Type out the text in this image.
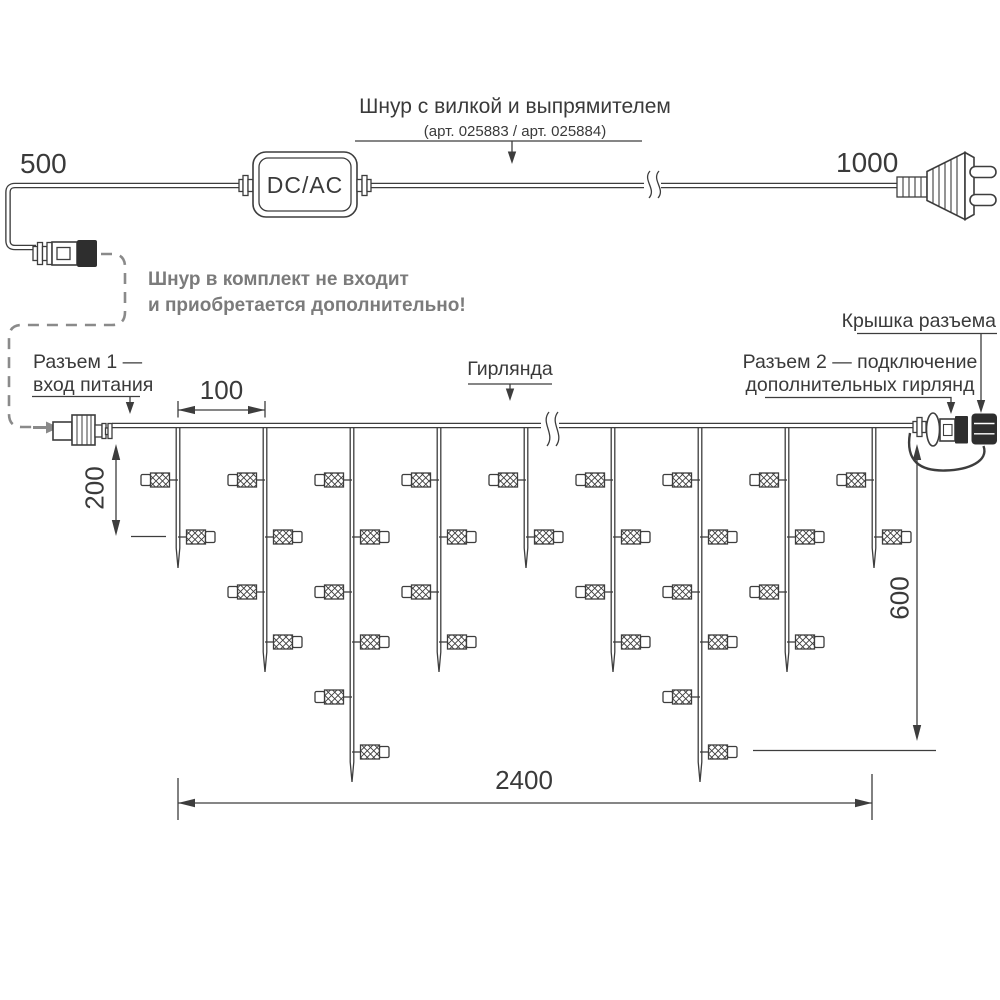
DC/AC
500	1000
Шнур с вилкой и выпрямителем
(арт. 025883 / арт. 025884)
Шнур в комплект не входит
и приобретается дополнительно!
Разъем 1 —
вход питания
Гирлянда	Разъем 2 — подключение
дополнительных гирлянд
Крышка разъема
100
200
600
2400
